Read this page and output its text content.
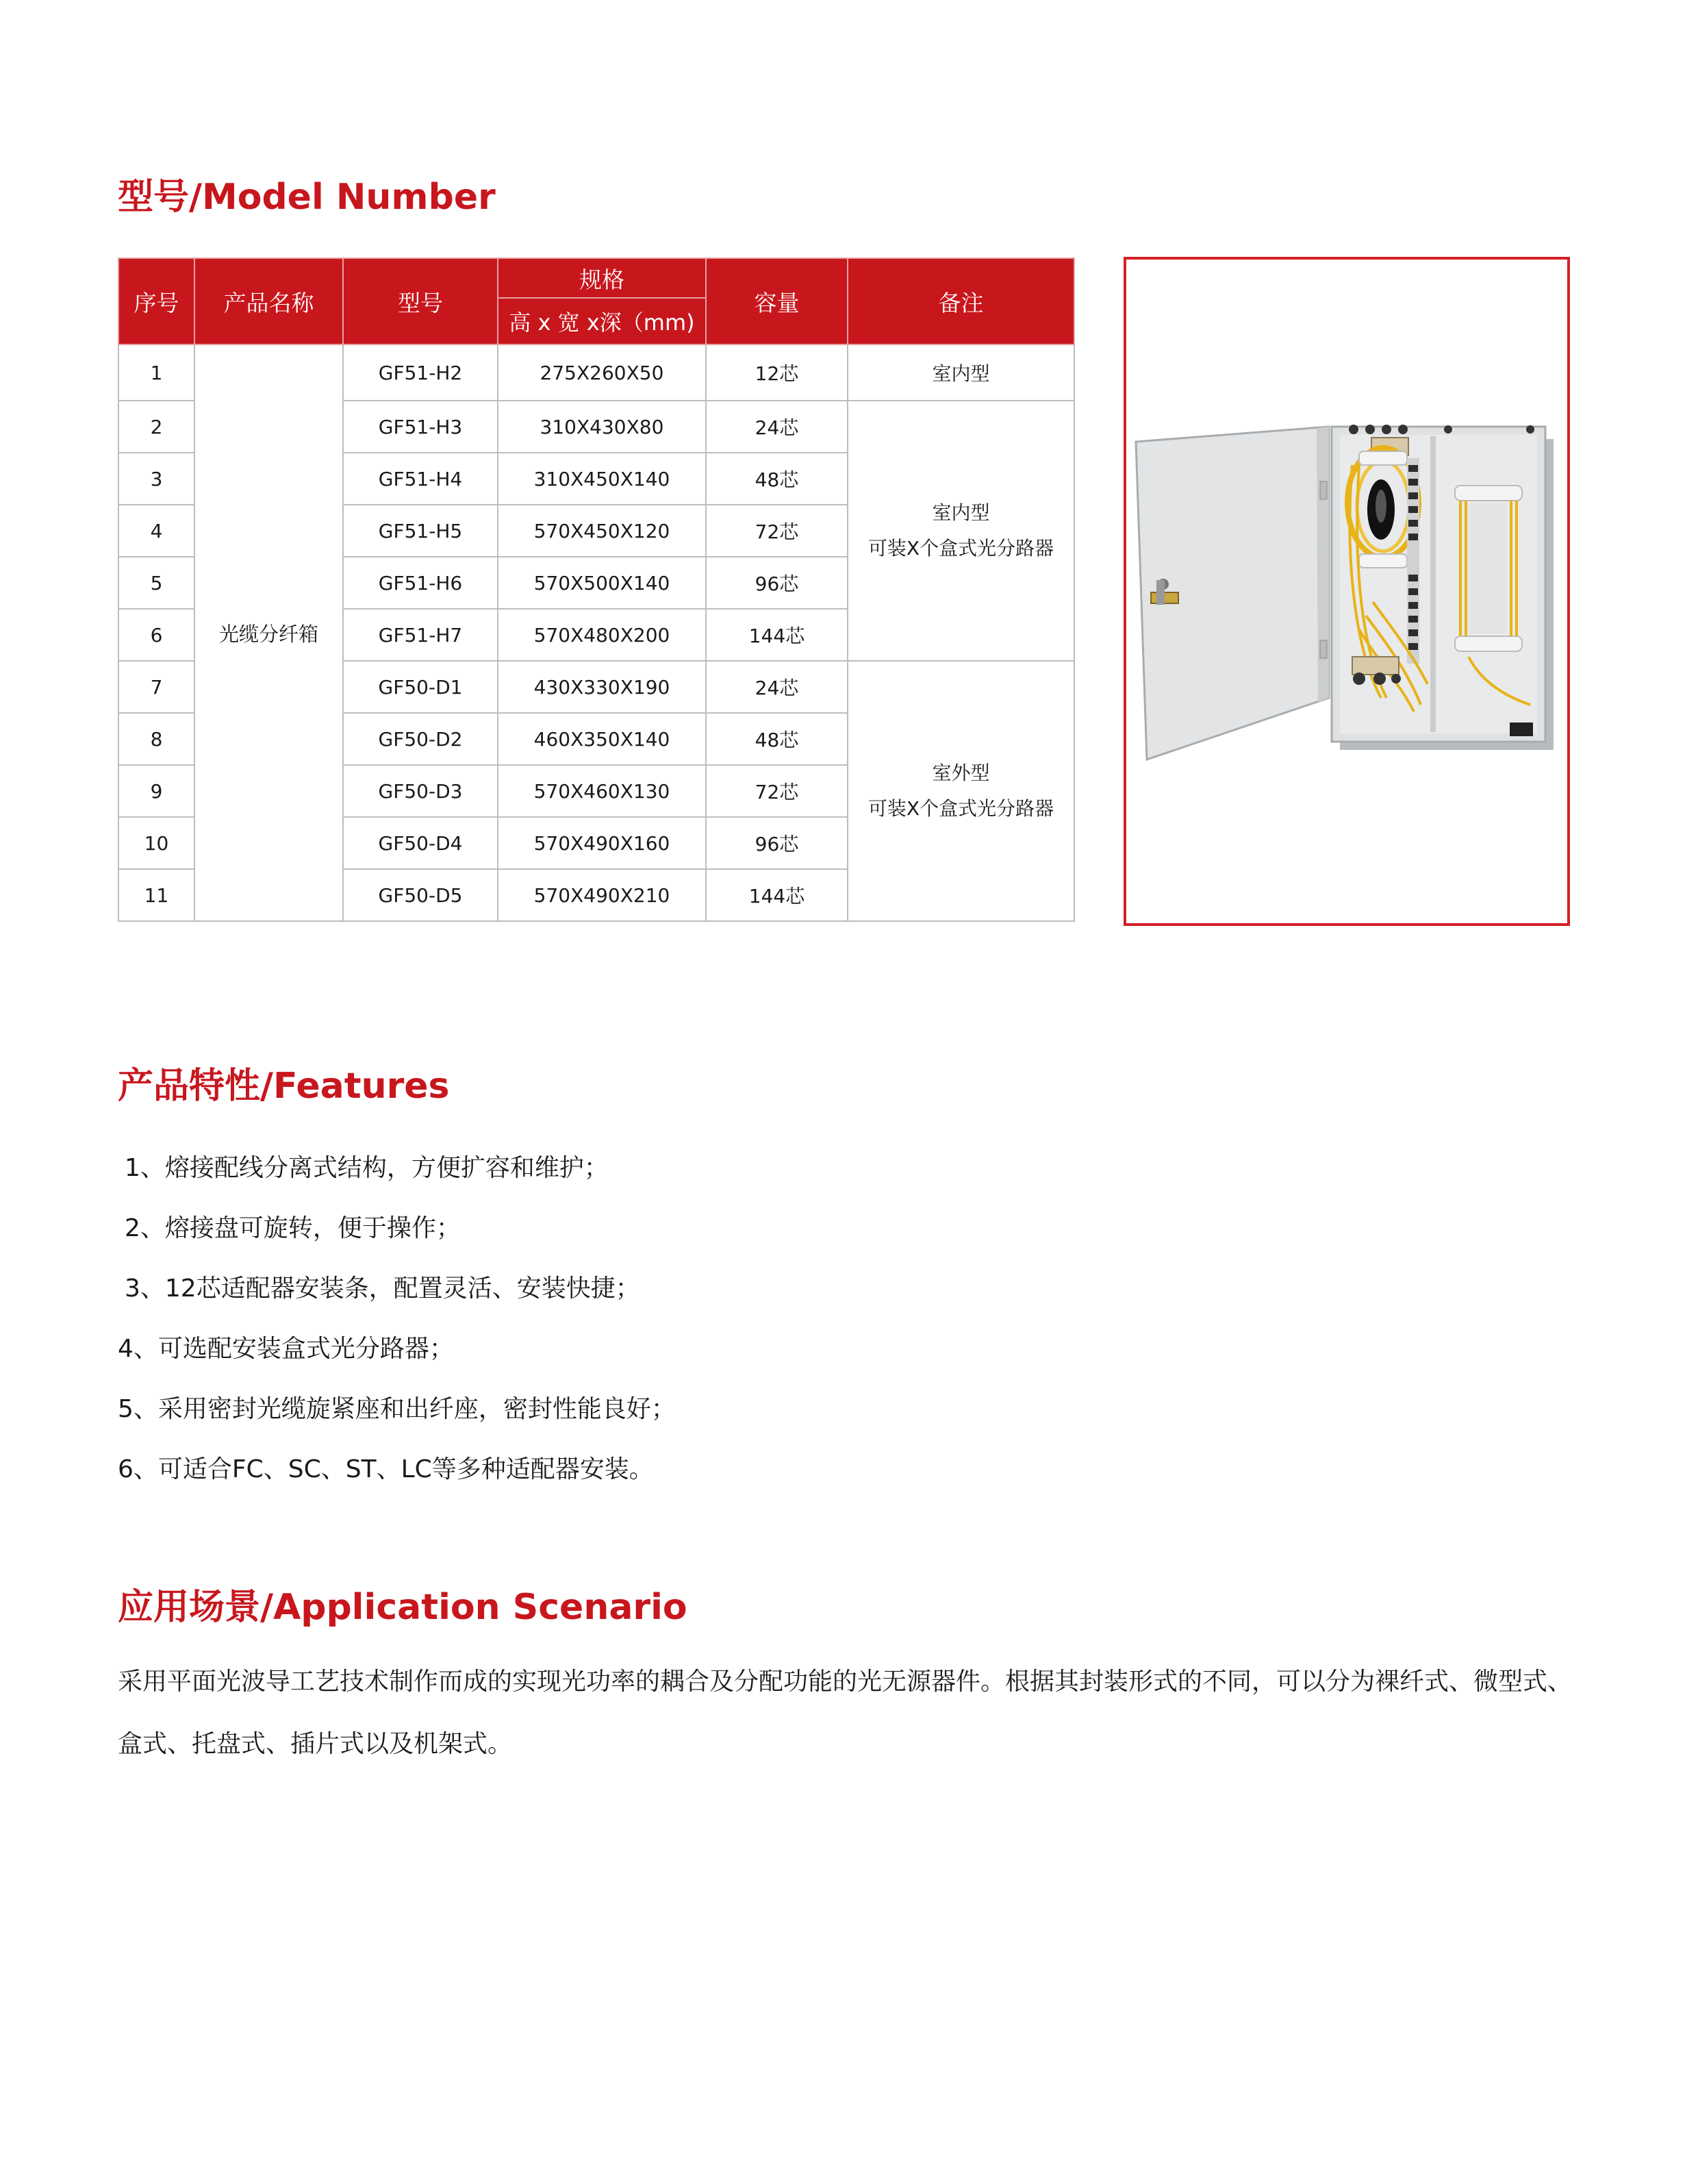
型号/Model Number
序号	产品名称	型号	规格	容量	备注
			高 x 宽 x深（mm)		
1	光缆分纤箱	GF51-H2	275X260X50	12芯	室内型
2		GF51-H3	310X430X80	24芯	室内型
可装X个盒式光分路器

3		GF51-H4	310X450X140	48芯	
4		GF51-H5	570X450X120	72芯	
5		GF51-H6	570X500X140	96芯	
6		GF51-H7	570X480X200	144芯	
7		GF50-D1	430X330X190	24芯	室外型
可装X个盒式光分路器

8		GF50-D2	460X350X140	48芯	
9		GF50-D3	570X460X130	72芯	
10		GF50-D4	570X490X160	96芯	
11		GF50-D5	570X490X210	144芯	
产品特性/Features
1、熔接配线分离式结构，方便扩容和维护；
2、熔接盘可旋转，便于操作；
3、12芯适配器安装条，配置灵活、安装快捷；
4、可选配安装盒式光分路器；
5、采用密封光缆旋紧座和出纤座，密封性能良好；
6、可适合FC、SC、ST、LC等多种适配器安装。
应用场景/Application Scenario

采用平面光波导工艺技术制作而成的实现光功率的耦合及分配功能的光无源器件。根据其封装形式的不同，可以分为裸纤式、微型式、盒式、托盘式、插片式以及机架式。
